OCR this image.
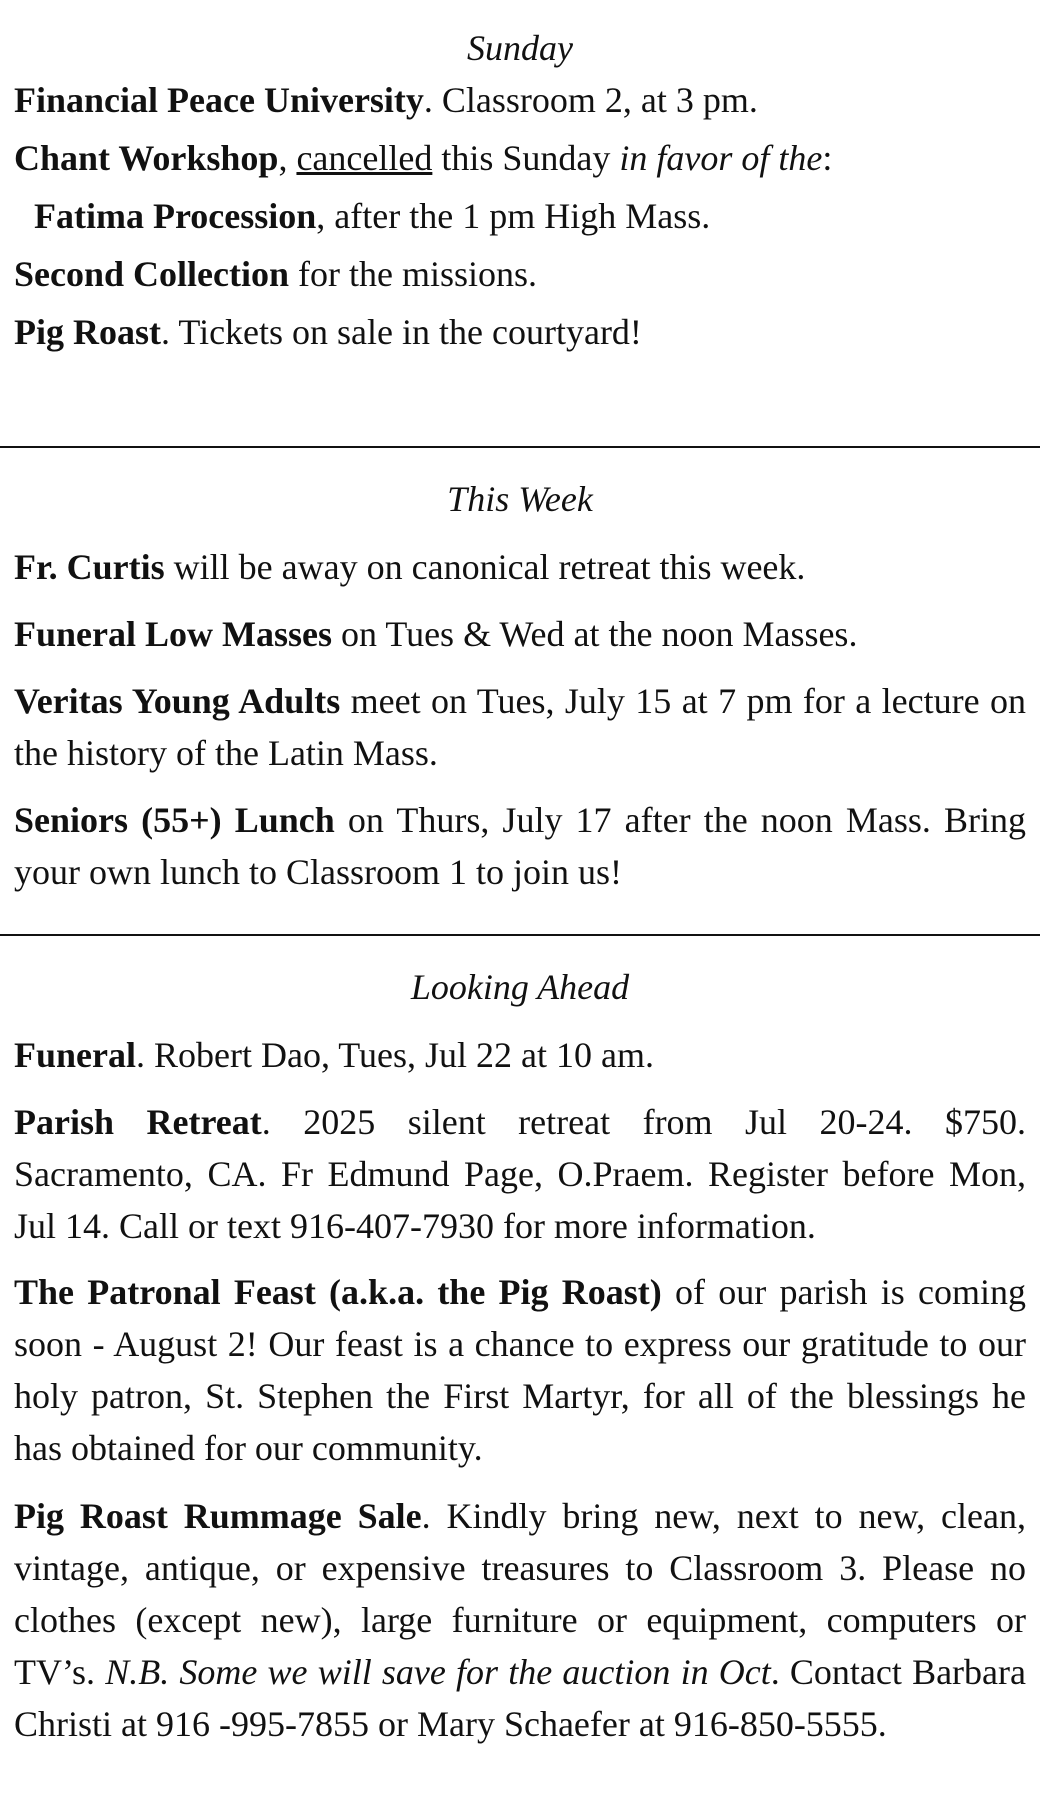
Sunday
Financial Peace University. Classroom 2, at 3 pm.
Chant Workshop, cancelled this Sunday in favor of the:
Fatima Procession, after the 1 pm High Mass.
Second Collection for the missions.
Pig Roast. Tickets on sale in the courtyard!
This Week
Fr. Curtis will be away on canonical retreat this week.
Funeral Low Masses on Tues & Wed at the noon Masses.
Veritas Young Adults meet on Tues, July 15 at 7 pm for a lecture on the history of the Latin Mass.
Seniors (55+) Lunch on Thurs, July 17 after the noon Mass. Bring your own lunch to Classroom 1 to join us!
Looking Ahead
Funeral. Robert Dao, Tues, Jul 22 at 10 am.
Parish Retreat. 2025 silent retreat from Jul 20-24. $750. Sacramento, CA. Fr Edmund Page, O.Praem. Register before Mon, Jul 14. Call or text 916-407-7930 for more information.
The Patronal Feast (a.k.a. the Pig Roast) of our parish is coming soon - August 2! Our feast is a chance to express our gratitude to our holy patron, St. Stephen the First Martyr, for all of the blessings he has obtained for our community.
Pig Roast Rummage Sale. Kindly bring new, next to new, clean, vintage, antique, or expensive treasures to Classroom 3. Please no clothes (except new), large furniture or equipment, computers or TV’s. N.B. Some we will save for the auction in Oct. Contact Barbara Christi at 916 -995-7855 or Mary Schaefer at 916-850-5555.
